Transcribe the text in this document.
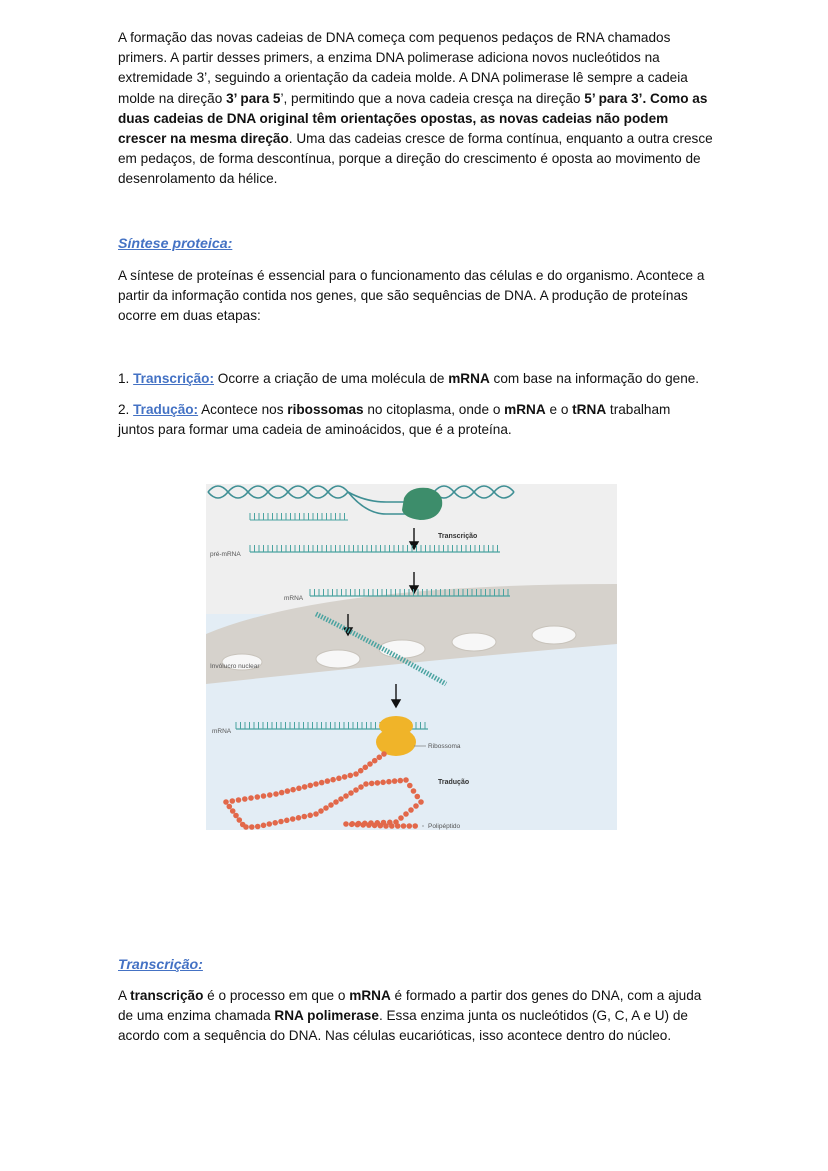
A formação das novas cadeias de DNA começa com pequenos pedaços de RNA chamados primers. A partir desses primers, a enzima DNA polimerase adiciona novos nucleótidos na extremidade 3’, seguindo a orientação da cadeia molde. A DNA polimerase lê sempre a cadeia molde na direção 3’ para 5’, permitindo que a nova cadeia cresça na direção 5’ para 3’. Como as duas cadeias de DNA original têm orientações opostas, as novas cadeias não podem crescer na mesma direção. Uma das cadeias cresce de forma contínua, enquanto a outra cresce em pedaços, de forma descontínua, porque a direção do crescimento é oposta ao movimento de desenrolamento da hélice.

Síntese proteica:

A síntese de proteínas é essencial para o funcionamento das células e do organismo. Acontece a partir da informação contida nos genes, que são sequências de DNA. A produção de proteínas ocorre em duas etapas:

1. Transcrição: Ocorre a criação de uma molécula de mRNA com base na informação do gene.

2. Tradução: Acontece nos ribossomas no citoplasma, onde o mRNA e o tRNA trabalham juntos para formar uma cadeia de aminoácidos, que é a proteína.

Transcrição:

A transcrição é o processo em que o mRNA é formado a partir dos genes do DNA, com a ajuda de uma enzima chamada RNA polimerase. Essa enzima junta os nucleótidos (G, C, A e U) de acordo com a sequência do DNA. Nas células eucarióticas, isso acontece dentro do núcleo.

Transcrição
pré-mRNA
mRNA
Invólucro nuclear
mRNA
Ribossoma
Tradução
Polipéptido
